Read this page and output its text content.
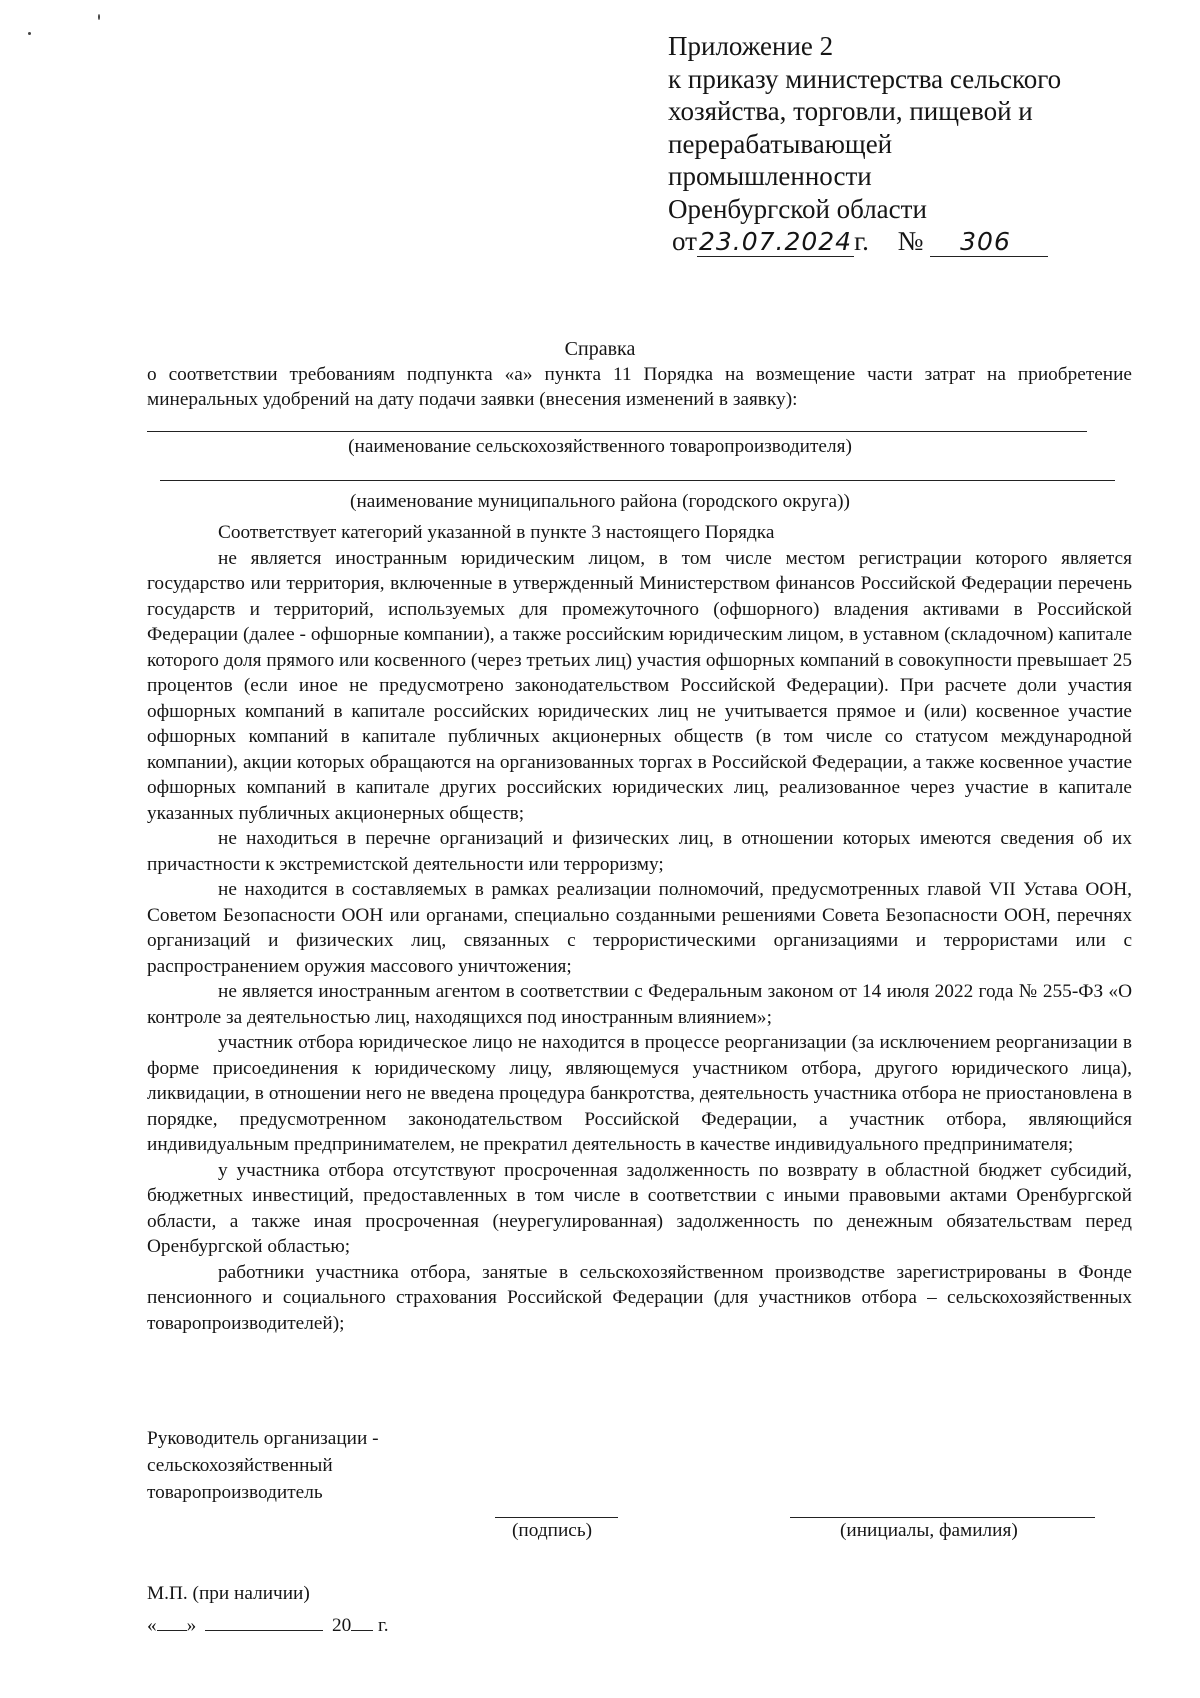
Приложение 2
к приказу министерства сельского
хозяйства, торговли, пищевой и
перерабатывающей
промышленности
Оренбургской области
от23.07.2024г. № 306
Справка
о соответствии требованиям подпункта «а» пункта 11 Порядка на возмещение части затрат на приобретение минеральных удобрений на дату подачи заявки (внесения изменений в заявку):
(наименование сельскохозяйственного товаропроизводителя)
(наименование муниципального района (городского округа))

Соответствует категорий указанной в пункте 3 настоящего Порядка

не является иностранным юридическим лицом, в том числе местом регистрации которого является государство или территория, включенные в утвержденный Министерством финансов Российской Федерации перечень государств и территорий, используемых для промежуточного (офшорного) владения активами в Российской Федерации (далее - офшорные компании), а также российским юридическим лицом, в уставном (складочном) капитале которого доля прямого или косвенного (через третьих лиц) участия офшорных компаний в совокупности превышает 25 процентов (если иное не предусмотрено законодательством Российской Федерации). При расчете доли участия офшорных компаний в капитале российских юридических лиц не учитывается прямое и (или) косвенное участие офшорных компаний в капитале публичных акционерных обществ (в том числе со статусом международной компании), акции которых обращаются на организованных торгах в Российской Федерации, а также косвенное участие офшорных компаний в капитале других российских юридических лиц, реализованное через участие в капитале указанных публичных акционерных обществ;

не находиться в перечне организаций и физических лиц, в отношении которых имеются сведения об их причастности к экстремистской деятельности или терроризму;

не находится в составляемых в рамках реализации полномочий, предусмотренных главой VII Устава ООН, Советом Безопасности ООН или органами, специально созданными решениями Совета Безопасности ООН, перечнях организаций и физических лиц, связанных с террористическими организациями и террористами или с распространением оружия массового уничтожения;

не является иностранным агентом в соответствии с Федеральным законом от 14 июля 2022 года № 255-ФЗ «О контроле за деятельностью лиц, находящихся под иностранным влиянием»;

участник отбора юридическое лицо не находится в процессе реорганизации (за исключением реорганизации в форме присоединения к юридическому лицу, являющемуся участником отбора, другого юридического лица), ликвидации, в отношении него не введена процедура банкротства, деятельность участника отбора не приостановлена в порядке, предусмотренном законодательством Российской Федерации, а участник отбора, являющийся индивидуальным предпринимателем, не прекратил деятельность в качестве индивидуального предпринимателя;

у участника отбора отсутствуют просроченная задолженность по возврату в областной бюджет субсидий, бюджетных инвестиций, предоставленных в том числе в соответствии с иными правовыми актами Оренбургской области, а также иная просроченная (неурегулированная) задолженность по денежным обязательствам перед Оренбургской областью;

работники участника отбора, занятые в сельскохозяйственном производстве зарегистрированы в Фонде пенсионного и социального страхования Российской Федерации (для участников отбора – сельскохозяйственных товаропроизводителей);

Руководитель организации -
сельскохозяйственный
товаропроизводитель
(подпись)	(инициалы, фамилия)
М.П. (при наличии)
« »	20 г.
